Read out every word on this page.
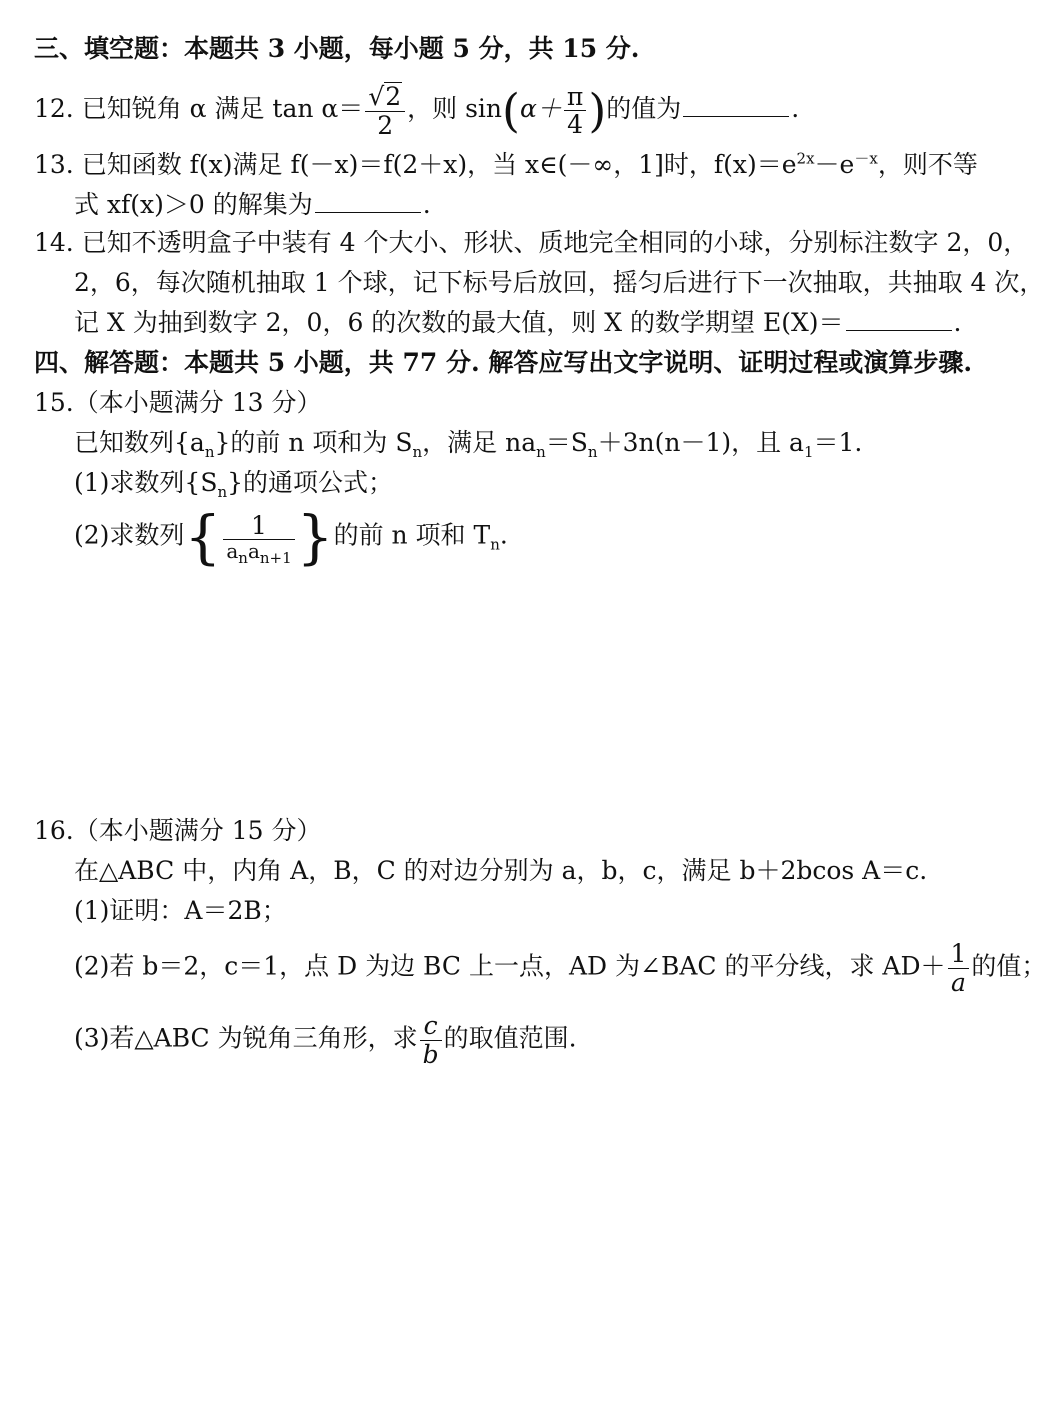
三、填空题：本题共 3 小题，每小题 5 分，共 15 分.
12. 已知锐角 α 满足 $\tan \alpha= \frac{√2}{2}$ ，则 $\sin(\alpha+ \frac{\pi}{4}$ )的值为	.
13. 已知函数 f(x)满足 f(－x)＝f(2＋x)，当 x∈(－∞，1]时，$f(x)=e^{2x}-e^{-x}$，则不等
式 xf(x)＞0 的解集为	.
14. 已知不透明盒子中装有 4 个大小、形状、质地完全相同的小球，分别标注数字 2，0，
2，6，每次随机抽取 1 个球，记下标号后放回，摇匀后进行下一次抽取，共抽取 4 次，
记 X 为抽到数字 2，0，6 的次数的最大值，则 X 的数学期望 E(X)＝	.
四、解答题：本题共 5 小题，共 77 分. 解答应写出文字说明、证明过程或演算步骤.
15.（本小题满分 13 分）
已知数列$\{a_n\}$的前 n 项和为 $S_n$，满足 $na_n=S_n+3n(n-1)$，且 $a_1=1$.
(1)求数列$\{S_n\}$的通项公式；
(2)求数列{ $\frac{1}{a_na_{n+1}}$ }的前 n 项和 $T_n$.
16.（本小题满分 15 分）
在△ABC 中，内角 A，B，C 的对边分别为 a，b，c，满足 b＋2bcos A＝c.
(1)证明：A＝2B；
(2)若 b＝2，c＝1，点 D 为边 BC 上一点，AD 为∠BAC 的平分线，求 $AD+ \frac{1}{a}$ 的值；
(3)若△ABC 为锐角三角形，求 $\frac{c}{b}$ 的取值范围.
